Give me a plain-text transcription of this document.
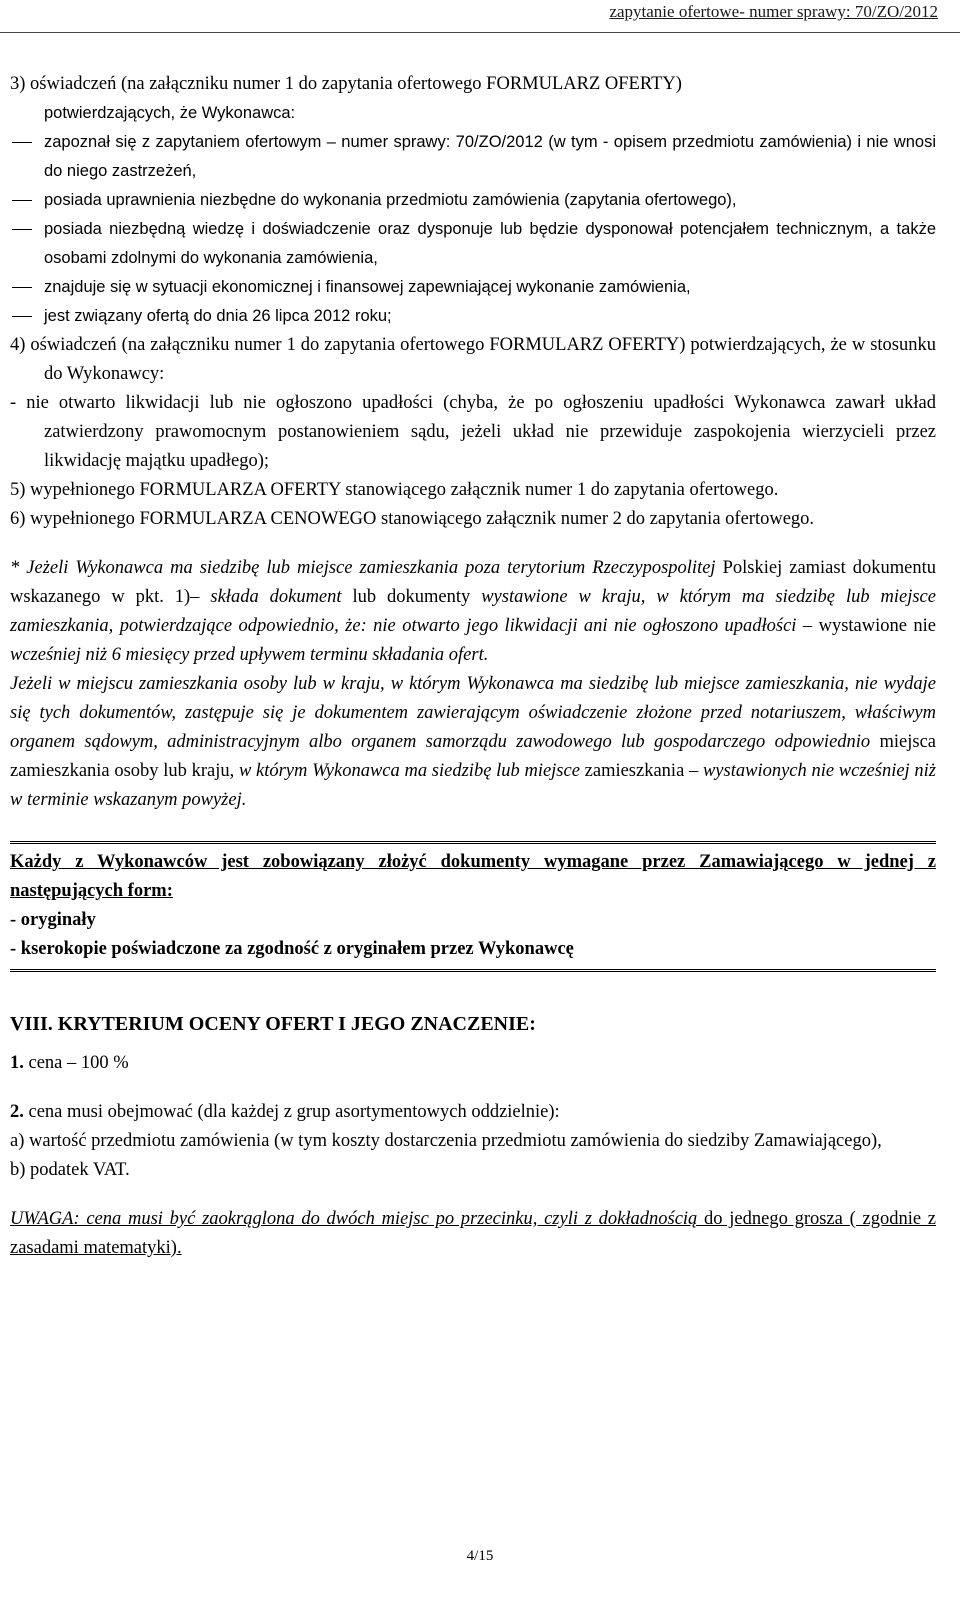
zapytanie ofertowe- numer sprawy: 70/ZO/2012

3) oświadczeń (na załączniku numer 1 do zapytania ofertowego FORMULARZ OFERTY)

potwierdzających, że Wykonawca:

zapoznał się z zapytaniem ofertowym – numer sprawy: 70/ZO/2012 (w tym - opisem przedmiotu zamówienia) i nie wnosi do niego zastrzeżeń,

posiada uprawnienia niezbędne do wykonania przedmiotu zamówienia (zapytania ofertowego),

posiada niezbędną wiedzę i doświadczenie oraz dysponuje lub będzie dysponował potencjałem technicznym, a także osobami zdolnymi do wykonania zamówienia,

znajduje się w sytuacji ekonomicznej i finansowej zapewniającej wykonanie zamówienia,

jest związany ofertą do dnia 26 lipca 2012 roku;

4) oświadczeń (na załączniku numer 1 do zapytania ofertowego FORMULARZ OFERTY) potwierdzających, że w stosunku do Wykonawcy:

- nie otwarto likwidacji lub nie ogłoszono upadłości (chyba, że po ogłoszeniu upadłości Wykonawca zawarł układ zatwierdzony prawomocnym postanowieniem sądu, jeżeli układ nie przewiduje zaspokojenia wierzycieli przez likwidację majątku upadłego);

5) wypełnionego FORMULARZA OFERTY stanowiącego załącznik numer 1 do zapytania ofertowego.

6) wypełnionego FORMULARZA CENOWEGO stanowiącego załącznik numer 2 do zapytania ofertowego.

* Jeżeli Wykonawca ma siedzibę lub miejsce zamieszkania poza terytorium Rzeczypospolitej Polskiej zamiast dokumentu wskazanego w pkt. 1)– składa dokument lub dokumenty wystawione w kraju, w którym ma siedzibę lub miejsce zamieszkania, potwierdzające odpowiednio, że: nie otwarto jego likwidacji ani nie ogłoszono upadłości – wystawione nie wcześniej niż 6 miesięcy przed upływem terminu składania ofert.

Jeżeli w miejscu zamieszkania osoby lub w kraju, w którym Wykonawca ma siedzibę lub miejsce zamieszkania, nie wydaje się tych dokumentów, zastępuje się je dokumentem zawierającym oświadczenie złożone przed notariuszem, właściwym organem sądowym, administracyjnym albo organem samorządu zawodowego lub gospodarczego odpowiednio miejsca zamieszkania osoby lub kraju, w którym Wykonawca ma siedzibę lub miejsce zamieszkania – wystawionych nie wcześniej niż w terminie wskazanym powyżej.

Każdy z Wykonawców jest zobowiązany złożyć dokumenty wymagane przez Zamawiającego w jednej z następujących form:

- oryginały

- kserokopie poświadczone za zgodność z oryginałem przez Wykonawcę

VIII. KRYTERIUM OCENY OFERT I JEGO ZNACZENIE:

1. cena – 100 %

2. cena musi obejmować (dla każdej z grup asortymentowych oddzielnie):

a) wartość przedmiotu zamówienia (w tym koszty dostarczenia przedmiotu zamówienia do siedziby Zamawiającego),

b) podatek VAT.

UWAGA: cena musi być zaokrąglona do dwóch miejsc po przecinku, czyli z dokładnością do jednego grosza ( zgodnie z zasadami matematyki).

4/15
